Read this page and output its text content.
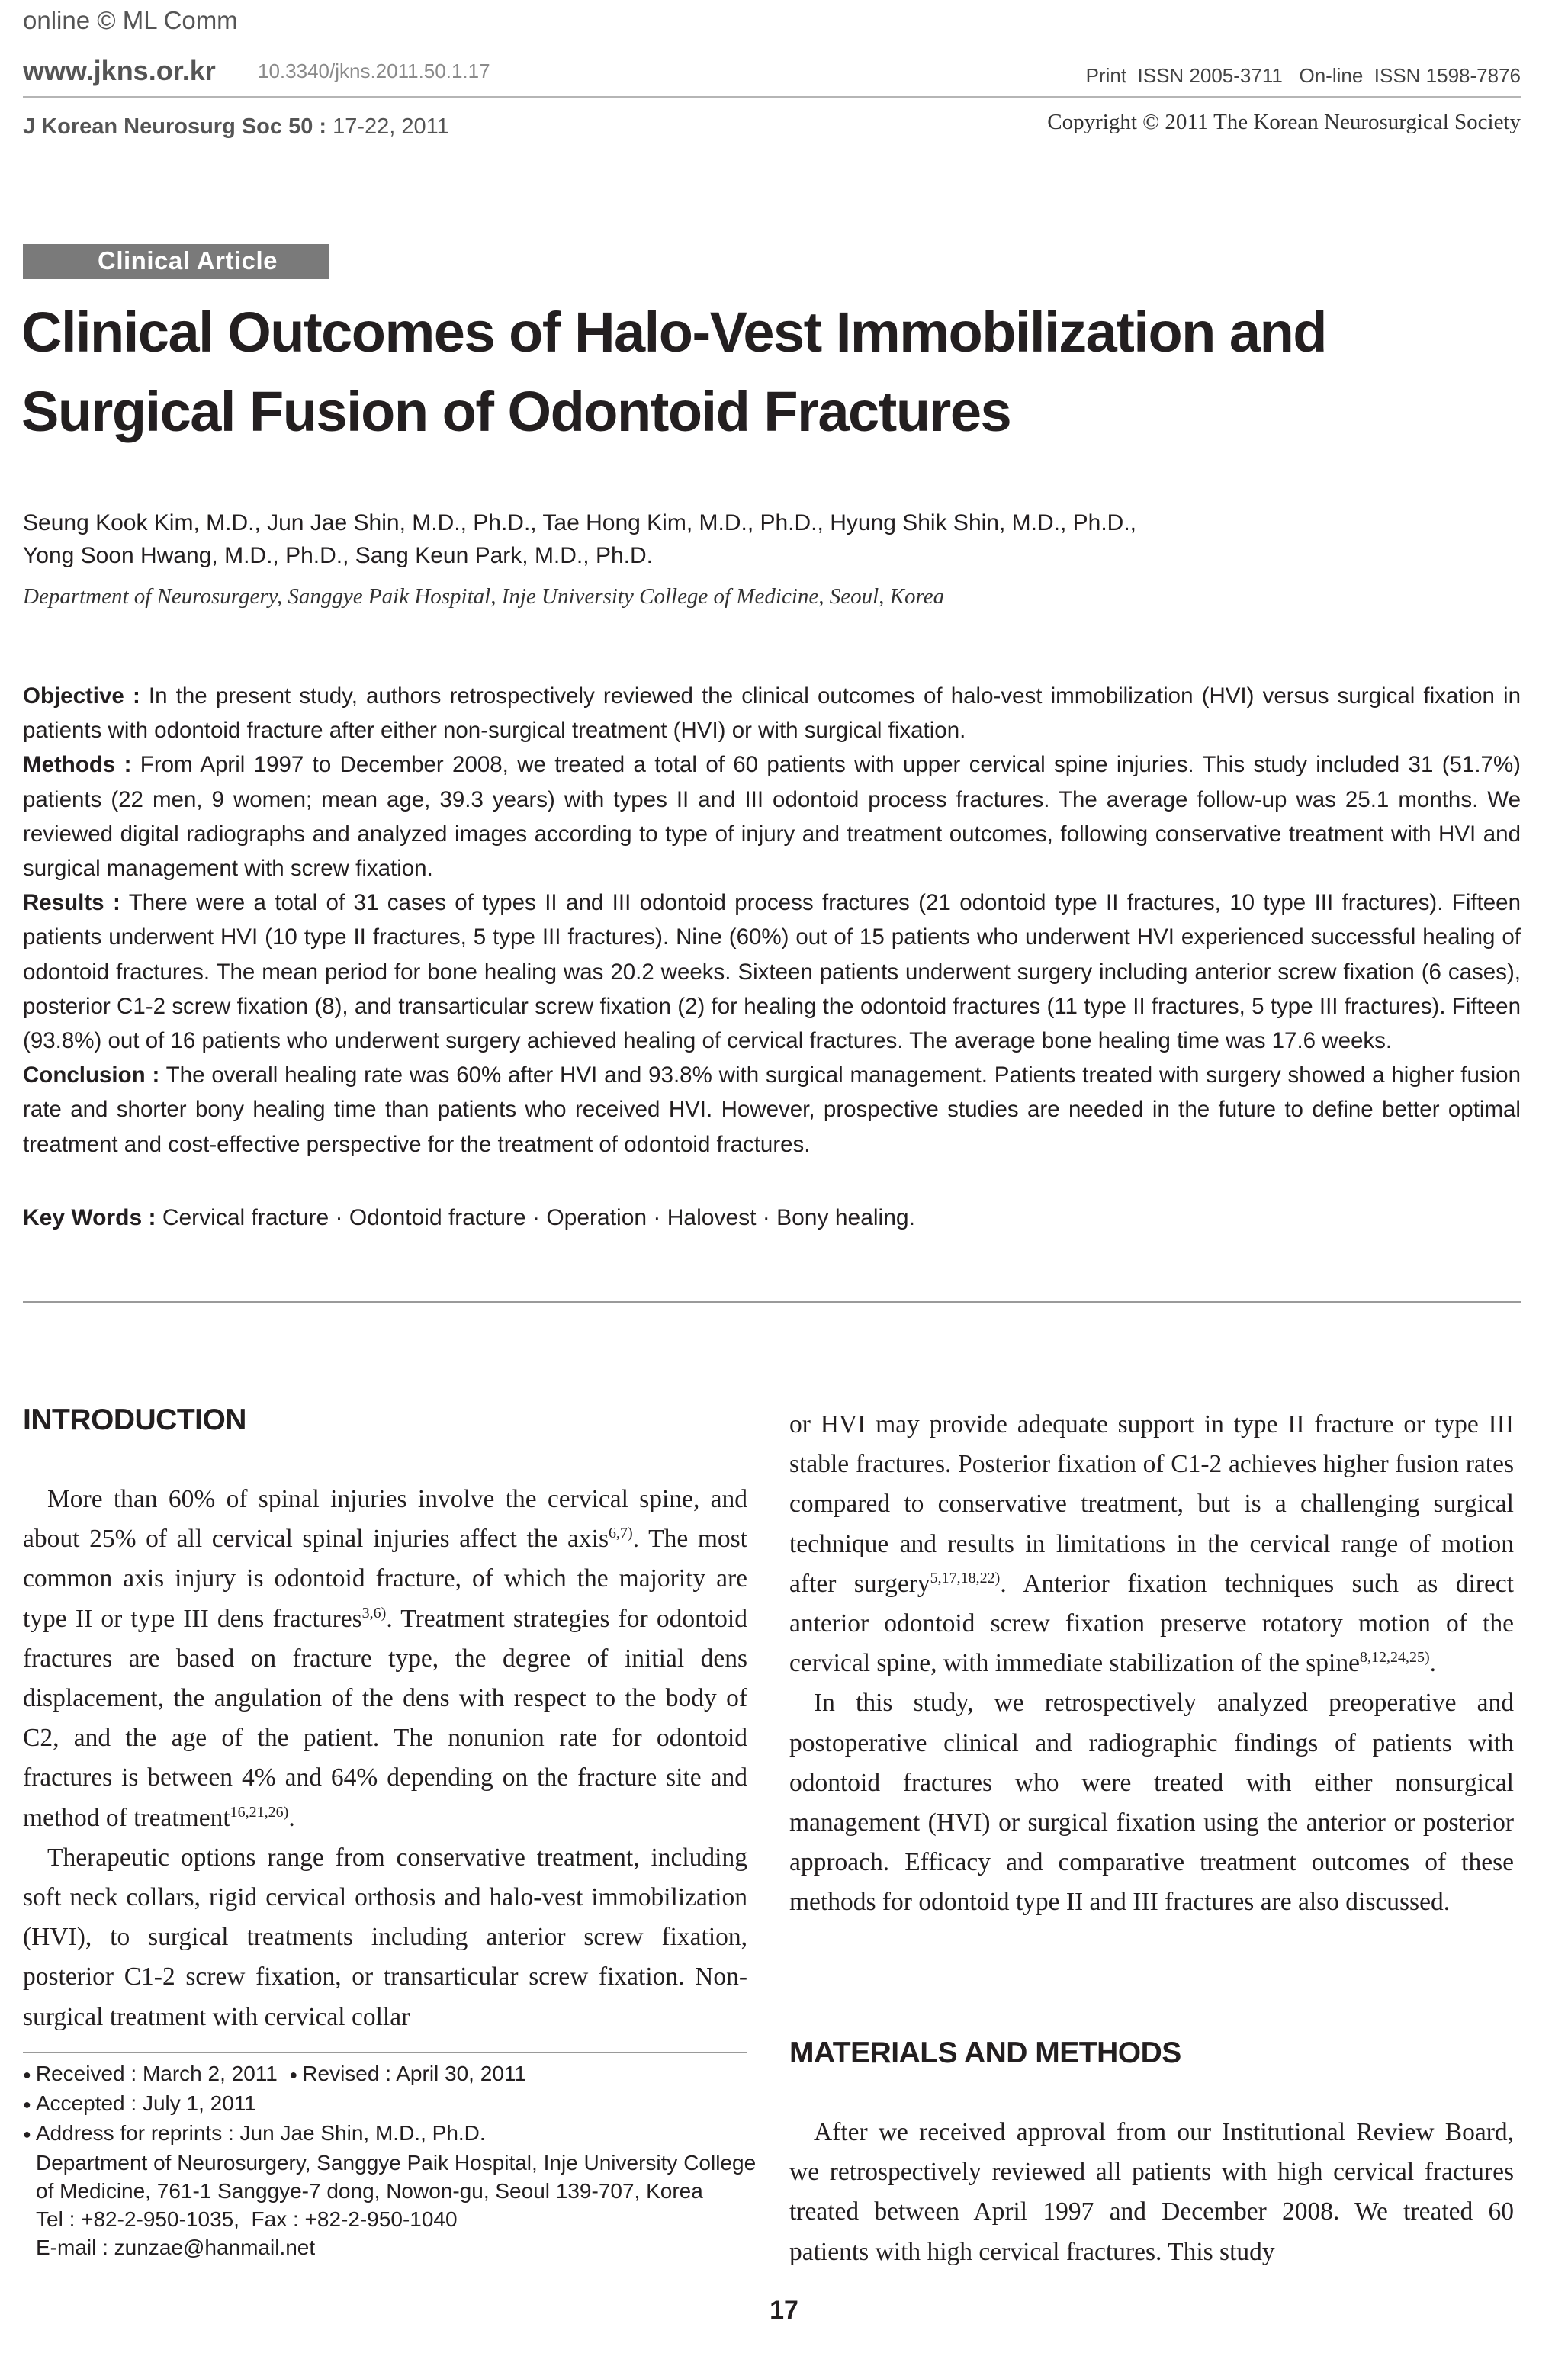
online © ML Comm
www.jkns.or.kr 10.3340/jkns.2011.50.1.17	Print  ISSN 2005-3711   On-line  ISSN 1598-7876
J Korean Neurosurg Soc 50 : 17-22, 2011	Copyright © 2011 The Korean Neurosurgical Society
Clinical Article
Clinical Outcomes of Halo-Vest Immobilization and
Surgical Fusion of Odontoid Fractures
Seung Kook Kim, M.D., Jun Jae Shin, M.D., Ph.D., Tae Hong Kim, M.D., Ph.D., Hyung Shik Shin, M.D., Ph.D.,
Yong Soon Hwang, M.D., Ph.D., Sang Keun Park, M.D., Ph.D.
Department of Neurosurgery, Sanggye Paik Hospital, Inje University College of Medicine, Seoul, Korea

Objective : In the present study, authors retrospectively reviewed the clinical outcomes of halo-vest immobilization (HVI) versus surgical fixation in patients with odontoid fracture after either non-surgical treatment (HVI) or with surgical fixation.

Methods : From April 1997 to December 2008, we treated a total of 60 patients with upper cervical spine injuries. This study included 31 (51.7%) patients (22 men, 9 women; mean age, 39.3 years) with types II and III odontoid process fractures. The average follow-up was 25.1 months. We reviewed digital radiographs and analyzed images according to type of injury and treatment outcomes, following conservative treatment with HVI and surgical management with screw fixation.

Results : There were a total of 31 cases of types II and III odontoid process fractures (21 odontoid type II fractures, 10 type III fractures). Fifteen patients underwent HVI (10 type II fractures, 5 type III fractures). Nine (60%) out of 15 patients who underwent HVI experienced successful healing of odontoid fractures. The mean period for bone healing was 20.2 weeks. Sixteen patients underwent surgery including anterior screw fixation (6 cases), posterior C1-2 screw fixation (8), and transarticular screw fixation (2) for healing the odontoid fractures (11 type II fractures, 5 type III fractures). Fifteen (93.8%) out of 16 patients who underwent surgery achieved healing of cervical fractures. The average bone healing time was 17.6 weeks.

Conclusion : The overall healing rate was 60% after HVI and 93.8% with surgical management. Patients treated with surgery showed a higher fusion rate and shorter bony healing time than patients who received HVI. However, prospective studies are needed in the future to define better optimal treatment and cost-effective perspective for the treatment of odontoid fractures.

Key Words : Cervical fracture · Odontoid fracture · Operation · Halovest · Bony healing.
INTRODUCTION

More than 60% of spinal injuries involve the cervical spine, and about 25% of all cervical spinal injuries affect the axis$^{6,7)}$. The most common axis injury is odontoid fracture, of which the majority are type II or type III dens fractures$^{3,6)}$. Treatment strategies for odontoid fractures are based on fracture type, the degree of initial dens displacement, the angulation of the dens with respect to the body of C2, and the age of the patient. The nonunion rate for odontoid fractures is between 4% and 64% depending on the fracture site and method of treatment$^{16,21,26)}$.

Therapeutic options range from conservative treatment, including soft neck collars, rigid cervical orthosis and halo-vest immobilization (HVI), to surgical treatments including anterior screw fixation, posterior C1-2 screw fixation, or transarticular screw fixation. Non-surgical treatment with cervical collar

or HVI may provide adequate support in type II fracture or type III stable fractures. Posterior fixation of C1-2 achieves higher fusion rates compared to conservative treatment, but is a challenging surgical technique and results in limitations in the cervical range of motion after surgery$^{5,17,18,22)}$. Anterior fixation techniques such as direct anterior odontoid screw fixation preserve rotatory motion of the cervical spine, with immediate stabilization of the spine$^{8,12,24,25)}$.

In this study, we retrospectively analyzed preoperative and postoperative clinical and radiographic findings of patients with odontoid fractures who were treated with either nonsurgical management (HVI) or surgical fixation using the anterior or posterior approach. Efficacy and comparative treatment outcomes of these methods for odontoid type II and III fractures are also discussed.

MATERIALS AND METHODS

After we received approval from our Institutional Review Board, we retrospectively reviewed all patients with high cervical fractures treated between April 1997 and December 2008. We treated 60 patients with high cervical fractures. This study

● Received : March 2, 2011 ● Revised : April 30, 2011
● Accepted : July 1, 2011
● Address for reprints : Jun Jae Shin, M.D., Ph.D.
Department of Neurosurgery, Sanggye Paik Hospital, Inje University College
of Medicine, 761-1 Sanggye-7 dong, Nowon-gu, Seoul 139-707, Korea
Tel : +82-2-950-1035,  Fax : +82-2-950-1040
E-mail : zunzae@hanmail.net
17
